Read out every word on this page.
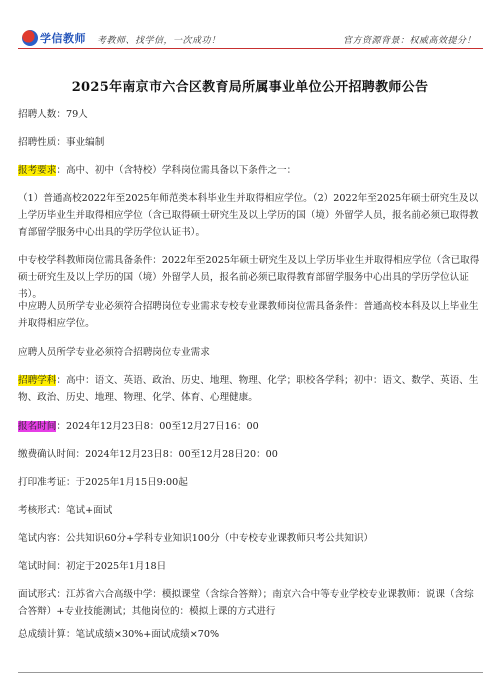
学信教师 考教师、找学信，一次成功！	官方资源背景：权威高效提分！
2025年南京市六合区教育局所属事业单位公开招聘教师公告

招聘人数：79人

招聘性质：事业编制

报考要求：高中、初中（含特校）学科岗位需具备以下条件之一：

（1）普通高校2022年至2025年师范类本科毕业生并取得相应学位。（2）2022年至2025年硕士研究生及以上学历毕业生并取得相应学位（含已取得硕士研究生及以上学历的国（境）外留学人员，报名前必须已取得教育部留学服务中心出具的学历学位认证书）。

中专校学科教师岗位需具备条件：2022年至2025年硕士研究生及以上学历毕业生并取得相应学位（含已取得硕士研究生及以上学历的国（境）外留学人员，报名前必须已取得教育部留学服务中心出具的学历学位认证书）。

中应聘人员所学专业必须符合招聘岗位专业需求专校专业课教师岗位需具备条件：普通高校本科及以上毕业生并取得相应学位。

应聘人员所学专业必须符合招聘岗位专业需求

招聘学科：高中：语文、英语、政治、历史、地理、物理、化学；职校各学科；初中：语文、数学、英语、生物、政治、历史、地理、物理、化学、体育、心理健康。

报名时间：2024年12月23日8：00至12月27日16：00

缴费确认时间：2024年12月23日8：00至12月28日20：00

打印准考证：于2025年1月15日9:00起

考核形式：笔试+面试

笔试内容：公共知识60分+学科专业知识100分（中专校专业课教师只考公共知识）

笔试时间：初定于2025年1月18日

面试形式：江苏省六合高级中学：模拟课堂（含综合答辩）；南京六合中等专业学校专业课教师：说课（含综合答辩）+专业技能测试；其他岗位的：模拟上课的方式进行

总成绩计算：笔试成绩×30%+面试成绩×70%
